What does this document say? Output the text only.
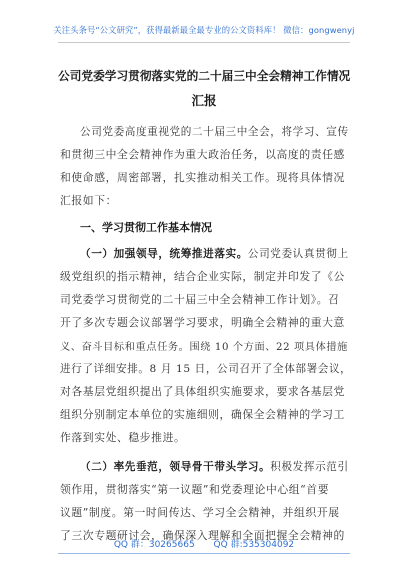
关注头条号“公文研究”，获得最新最全最专业的公文资料库！ 微信：gongwenyj
公司党委学习贯彻落实党的二十届三中全会精神工作情况
汇报
公司党委高度重视党的二十届三中全会，将学习、宣传
和贯彻三中全会精神作为重大政治任务，以高度的责任感
和使命感，周密部署，扎实推动相关工作。现将具体情况
汇报如下：
一、学习贯彻工作基本情况
（一）加强领导，统筹推进落实。公司党委认真贯彻上
级党组织的指示精神，结合企业实际，制定并印发了《公
司党委学习贯彻党的二十届三中全会精神工作计划》。召
开了多次专题会议部署学习要求，明确全会精神的重大意
义、奋斗目标和重点任务。围绕 10 个方面、22 项具体措施
进行了详细安排。8 月 15 日，公司召开了全体部署会议，
对各基层党组织提出了具体组织实施要求，要求各基层党
组织分别制定本单位的实施细则，确保全会精神的学习工
作落到实处、稳步推进。
（二）率先垂范，领导骨干带头学习。积极发挥示范引
领作用，贯彻落实“第一议题”和党委理论中心组“首要
议题”制度。第一时间传达、学习全会精神，并组织开展
了三次专题研讨会，确保深入理解和全面把握全会精神的
QQ 群：30265665 QQ 群:535304092
